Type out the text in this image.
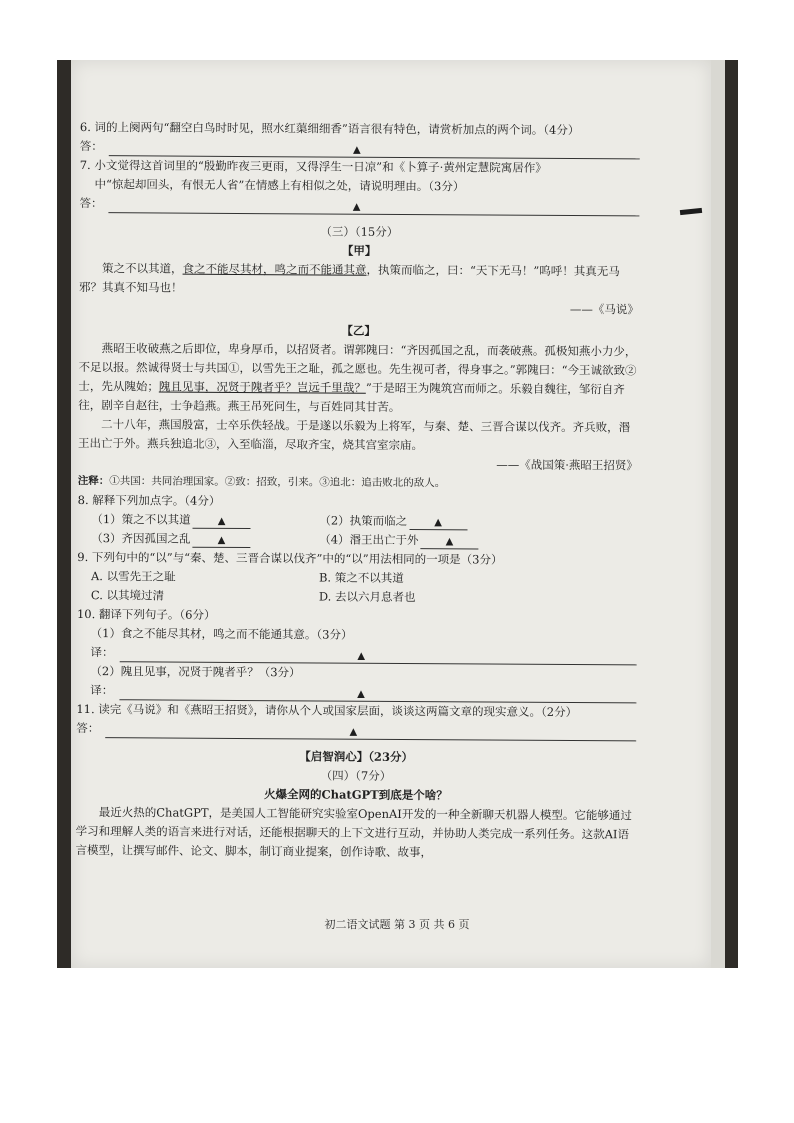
6. 词的上阕两句“翻空白鸟时时见，照水红蕖细细香”语言很有特色，请赏析加点的两个词。（4分）

答：	▲

7. 小文觉得这首词里的“殷勤昨夜三更雨，又得浮生一日凉”和《卜算子·黄州定慧院寓居作》

中“惊起却回头，有恨无人省”在情感上有相似之处，请说明理由。（3分）

答：	▲

（三）（15分）

【甲】

策之不以其道，食之不能尽其材，鸣之而不能通其意，执策而临之，曰：“天下无马！”呜呼！其真无马邪？其真不知马也！

——《马说》

【乙】

燕昭王收破燕之后即位，卑身厚币，以招贤者。谓郭隗曰：“齐因孤国之乱，而袭破燕。孤极知燕小力少，不足以报。然诚得贤士与共国①，以雪先王之耻，孤之愿也。先生视可者，得身事之。”郭隗曰：“今王诚欲致②士，先从隗始；隗且见事，况贤于隗者乎？岂远千里哉？”于是昭王为隗筑宫而师之。乐毅自魏往，邹衍自齐往，剧辛自赵往，士争趋燕。燕王吊死问生，与百姓同其甘苦。

二十八年，燕国殷富，士卒乐佚轻战。于是遂以乐毅为上将军，与秦、楚、三晋合谋以伐齐。齐兵败，湣王出亡于外。燕兵独追北③，入至临淄，尽取齐宝，烧其宫室宗庙。

——《战国策·燕昭王招贤》

注释：①共国：共同治理国家。②致：招致，引来。③追北：追击败北的敌人。

8. 解释下列加点字。（4分）

（1）策之不以其道	▲	（2）执策而临之	▲
（3）齐因孤国之乱	▲	（4）湣王出亡于外	▲

9. 下列句中的“以”与“秦、楚、三晋合谋以伐齐”中的“以”用法相同的一项是（3分）

A. 以雪先王之耻	B. 策之不以其道
C. 以其境过清	D. 去以六月息者也

10. 翻译下列句子。（6分）

（1）食之不能尽其材，鸣之而不能通其意。（3分）

译：	▲

（2）隗且见事，况贤于隗者乎？（3分）

译：	▲

11. 读完《马说》和《燕昭王招贤》，请你从个人或国家层面，谈谈这两篇文章的现实意义。（2分）

答：	▲

【启智润心】（23分）

（四）（7分）

火爆全网的ChatGPT到底是个啥？

最近火热的ChatGPT，是美国人工智能研究实验室OpenAI开发的一种全新聊天机器人模型。它能够通过学习和理解人类的语言来进行对话，还能根据聊天的上下文进行互动，并协助人类完成一系列任务。这款AI语言模型，让撰写邮件、论文、脚本，制订商业提案，创作诗歌、故事，

初二语文试题 第 3 页 共 6 页
